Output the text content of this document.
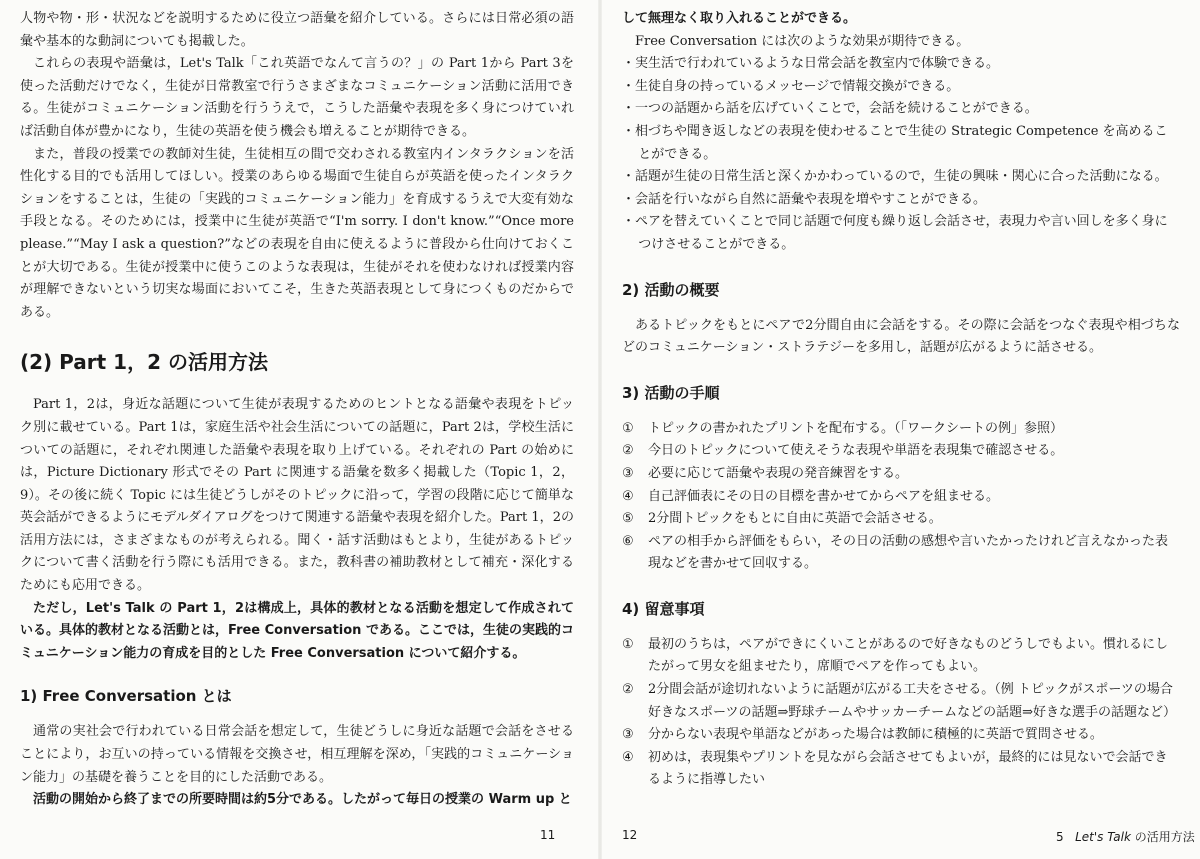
人物や物・形・状況などを説明するために役立つ語彙を紹介している。さらには日常必須の語彙や基本的な動詞についても掲載した。

これらの表現や語彙は，Let's Talk「これ英語でなんて言うの？」の Part 1から Part 3を使った活動だけでなく，生徒が日常教室で行うさまざまなコミュニケーション活動に活用できる。生徒がコミュニケーション活動を行ううえで，こうした語彙や表現を多く身につけていれば活動自体が豊かになり，生徒の英語を使う機会も増えることが期待できる。

また，普段の授業での教師対生徒，生徒相互の間で交わされる教室内インタラクションを活性化する目的でも活用してほしい。授業のあらゆる場面で生徒自らが英語を使ったインタラクションをすることは，生徒の「実践的コミュニケーション能力」を育成するうえで大変有効な手段となる。そのためには，授業中に生徒が英語で“I'm sorry. I don't know.”“Once more please.”“May I ask a question?”などの表現を自由に使えるように普段から仕向けておくことが大切である。生徒が授業中に使うこのような表現は，生徒がそれを使わなければ授業内容が理解できないという切実な場面においてこそ，生きた英語表現として身につくものだからである。

(2) Part 1，2 の活用方法

Part 1，2は，身近な話題について生徒が表現するためのヒントとなる語彙や表現をトピック別に載せている。Part 1は，家庭生活や社会生活についての話題に，Part 2は，学校生活についての話題に，それぞれ関連した語彙や表現を取り上げている。それぞれの Part の始めには，Picture Dictionary 形式でその Part に関連する語彙を数多く掲載した（Topic 1，2，9）。その後に続く Topic には生徒どうしがそのトピックに沿って，学習の段階に応じて簡単な英会話ができるようにモデルダイアログをつけて関連する語彙や表現を紹介した。Part 1，2の活用方法には，さまざまなものが考えられる。聞く・話す活動はもとより，生徒があるトピックについて書く活動を行う際にも活用できる。また，教科書の補助教材として補充・深化するためにも応用できる。

ただし，Let's Talk の Part 1，2は構成上，具体的教材となる活動を想定して作成されている。具体的教材となる活動とは，Free Conversation である。ここでは，生徒の実践的コミュニケーション能力の育成を目的とした Free Conversation について紹介する。

1) Free Conversation とは

通常の実社会で行われている日常会話を想定して，生徒どうしに身近な話題で会話をさせることにより，お互いの持っている情報を交換させ，相互理解を深め，「実践的コミュニケーション能力」の基礎を養うことを目的にした活動である。

活動の開始から終了までの所要時間は約5分である。したがって毎日の授業の Warm up と

11

して無理なく取り入れることができる。

Free Conversation には次のような効果が期待できる。

・実生活で行われているような日常会話を教室内で体験できる。
・生徒自身の持っているメッセージで情報交換ができる。
・一つの話題から話を広げていくことで，会話を続けることができる。
・相づちや聞き返しなどの表現を使わせることで生徒の Strategic Competence を高めることができる。
・話題が生徒の日常生活と深くかかわっているので，生徒の興味・関心に合った活動になる。
・会話を行いながら自然に語彙や表現を増やすことができる。
・ペアを替えていくことで同じ話題で何度も繰り返し会話させ，表現力や言い回しを多く身につけさせることができる。
2) 活動の概要

あるトピックをもとにペアで2分間自由に会話をする。その際に会話をつなぐ表現や相づちなどのコミュニケーション・ストラテジーを多用し，話題が広がるように話させる。

3) 活動の手順
① トピックの書かれたプリントを配布する。（「ワークシートの例」参照）
② 今日のトピックについて使えそうな表現や単語を表現集で確認させる。
③ 必要に応じて語彙や表現の発音練習をする。
④ 自己評価表にその日の目標を書かせてからペアを組ませる。
⑤ 2分間トピックをもとに自由に英語で会話させる。
⑥ ペアの相手から評価をもらい，その日の活動の感想や言いたかったけれど言えなかった表現などを書かせて回収する。
4) 留意事項
① 最初のうちは，ペアができにくいことがあるので好きなものどうしでもよい。慣れるにしたがって男女を組ませたり，席順でペアを作ってもよい。
② 2分間会話が途切れないように話題が広がる工夫をさせる。（例 トピックがスポーツの場合好きなスポーツの話題⇒野球チームやサッカーチームなどの話題⇒好きな選手の話題など）
③ 分からない表現や単語などがあった場合は教師に積極的に英語で質問させる。
④ 初めは，表現集やプリントを見ながら会話させてもよいが，最終的には見ないで会話できるように指導したい
12	5 Let's Talk の活用方法
